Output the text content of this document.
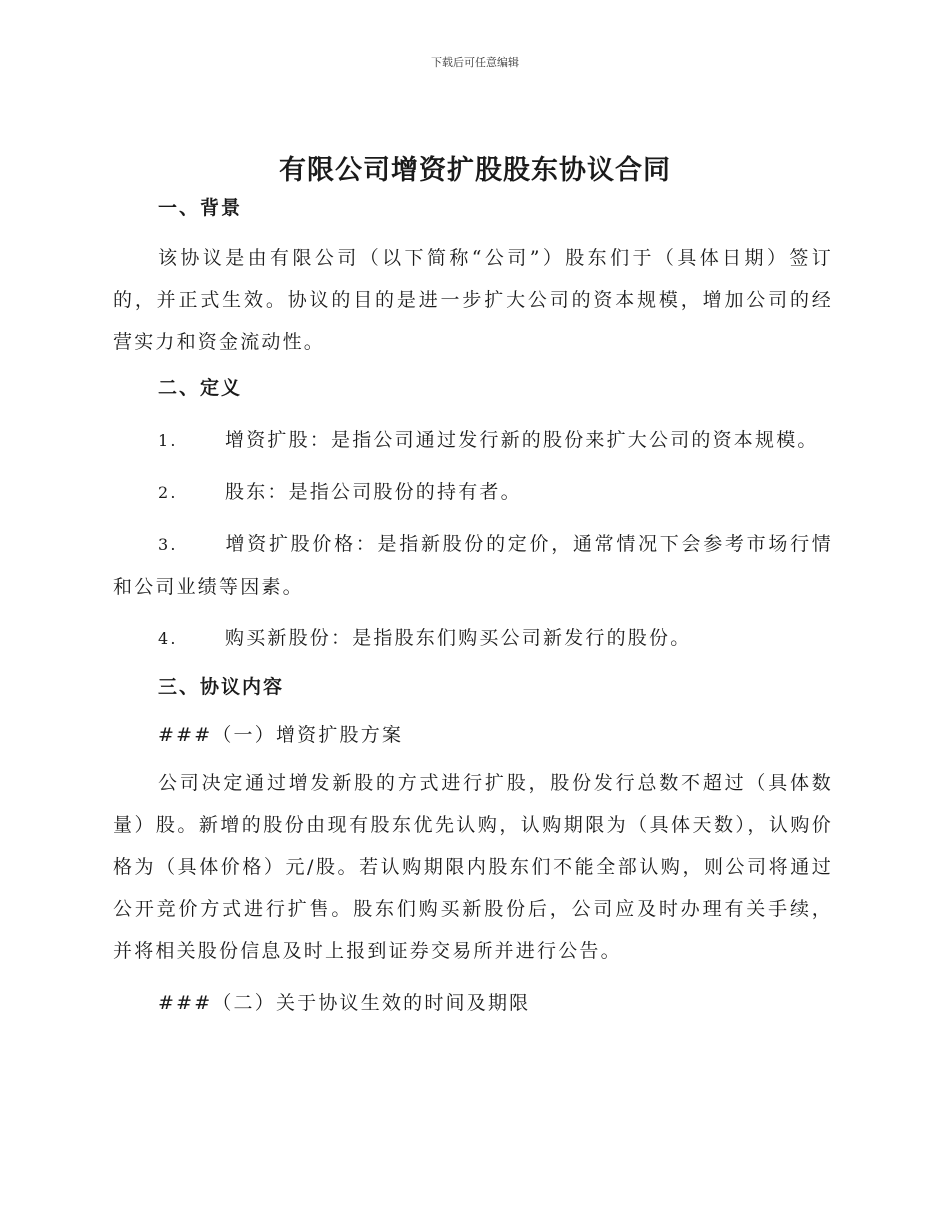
下载后可任意编辑
有限公司增资扩股股东协议合同
一、背景

该协议是由有限公司（以下简称“公司”）股东们于（具体日期）签订的，并正式生效。协议的目的是进一步扩大公司的资本规模，增加公司的经营实力和资金流动性。

二、定义
1. 增资扩股：是指公司通过发行新的股份来扩大公司的资本规模。
2. 股东：是指公司股份的持有者。
3. 增资扩股价格：是指新股份的定价，通常情况下会参考市场行情和公司业绩等因素。
4. 购买新股份：是指股东们购买公司新发行的股份。
三、协议内容
###（一）增资扩股方案

公司决定通过增发新股的方式进行扩股，股份发行总数不超过（具体数量）股。新增的股份由现有股东优先认购，认购期限为（具体天数），认购价格为（具体价格）元/股。若认购期限内股东们不能全部认购，则公司将通过公开竞价方式进行扩售。股东们购买新股份后，公司应及时办理有关手续，并将相关股份信息及时上报到证券交易所并进行公告。

###（二）关于协议生效的时间及期限
